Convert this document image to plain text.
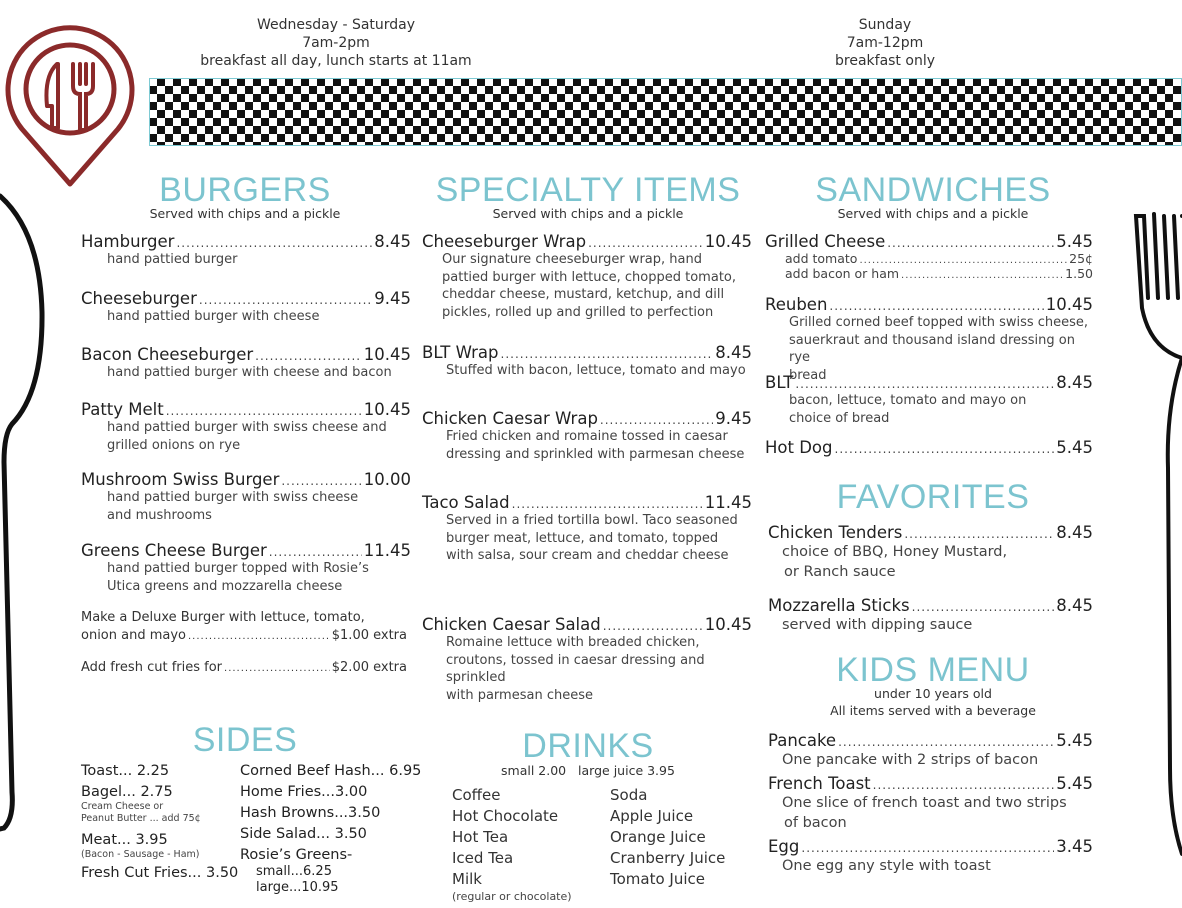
Wednesday - Saturday
7am-2pm
breakfast all day, lunch starts at 11am
Sunday
7am-12pm
breakfast only
BURGERS
Served with chips and a pickle
Hamburger .....	8.45
hand pattied burger
Cheeseburger .....	9.45
hand pattied burger with cheese
Bacon Cheeseburger .....	10.45
hand pattied burger with cheese and bacon
Patty Melt .....	10.45
hand pattied burger with swiss cheese and
grilled onions on rye
Mushroom Swiss Burger .....	10.00
hand pattied burger with swiss cheese
and mushrooms
Greens Cheese Burger .....	11.45
hand pattied burger topped with Rosie’s
Utica greens and mozzarella cheese
Make a Deluxe Burger with lettuce, tomato,
onion and mayo .....	$1.00 extra
Add fresh cut fries for .....	$2.00 extra
SPECIALTY ITEMS
Served with chips and a pickle
Cheeseburger Wrap .....	10.45
Our signature cheeseburger wrap, hand
pattied burger with lettuce, chopped tomato,
cheddar cheese, mustard, ketchup, and dill
pickles, rolled up and grilled to perfection
BLT Wrap .....	8.45
Stuffed with bacon, lettuce, tomato and mayo
Chicken Caesar Wrap .....	9.45
Fried chicken and romaine tossed in caesar
dressing and sprinkled with parmesan cheese
Taco Salad .....	11.45
Served in a fried tortilla bowl. Taco seasoned
burger meat, lettuce, and tomato, topped
with salsa, sour cream and cheddar cheese
Chicken Caesar Salad .....	10.45
Romaine lettuce with breaded chicken,
croutons, tossed in caesar dressing and sprinkled
with parmesan cheese
SANDWICHES
Served with chips and a pickle
Grilled Cheese .....	5.45
add tomato .....	25¢
add bacon or ham .....	1.50
Reuben .....	10.45
Grilled corned beef topped with swiss cheese,
sauerkraut and thousand island dressing on rye
bread
BLT .....	8.45
bacon, lettuce, tomato and mayo on
choice of bread
Hot Dog .....	5.45
FAVORITES
Chicken Tenders .....	8.45
choice of BBQ, Honey Mustard,
or Ranch sauce
Mozzarella Sticks .....	8.45
served with dipping sauce
KIDS MENU
under 10 years old
All items served with a beverage
Pancake .....	5.45
One pancake with 2 strips of bacon
French Toast .....	5.45
One slice of french toast and two strips
of bacon
Egg .....	3.45
One egg any style with toast
SIDES
Toast... 2.25
Bagel... 2.75
Cream Cheese or
Peanut Butter ... add 75¢
Meat... 3.95
(Bacon - Sausage - Ham)
Fresh Cut Fries... 3.50
Corned Beef Hash... 6.95
Home Fries...3.00
Hash Browns...3.50
Side Salad... 3.50
Rosie’s Greens-
small...6.25
large...10.95
DRINKS
small 2.00   large juice 3.95
Coffee
Hot Chocolate
Hot Tea
Iced Tea
Milk
(regular or chocolate)
Soda
Apple Juice
Orange Juice
Cranberry Juice
Tomato Juice
